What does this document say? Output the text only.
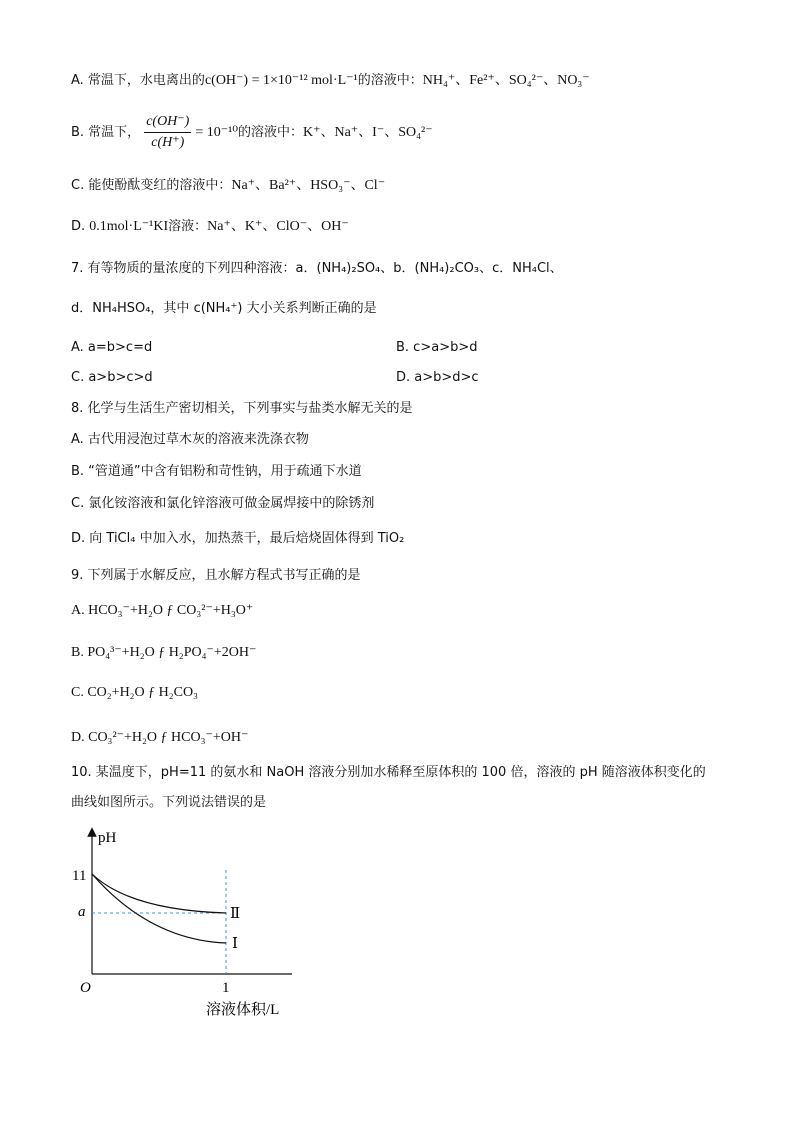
A. 常温下，水电离出的c(OH⁻) = 1×10⁻¹² mol·L⁻¹的溶液中：NH₄⁺、Fe²⁺、SO₄²⁻、NO₃⁻
B. 常温下， $\frac{c(OH^-)}{c(H^+)} = 10^{-10}$的溶液中：K⁺、Na⁺、I⁻、SO₄²⁻
C. 能使酚酞变红的溶液中：Na⁺、Ba²⁺、HSO₃⁻、Cl⁻
D. 0.1mol·L⁻¹KI溶液：Na⁺、K⁺、ClO⁻、OH⁻
7. 有等物质的量浓度的下列四种溶液：a．(NH₄)₂SO₄、b．(NH₄)₂CO₃、c．NH₄Cl、
d．NH₄HSO₄，其中 c(NH₄⁺) 大小关系判断正确的是
A. a=b>c=d	B. c>a>b>d
C. a>b>c>d	D. a>b>d>c
8. 化学与生活生产密切相关，下列事实与盐类水解无关的是
A. 古代用浸泡过草木灰的溶液来洗涤衣物
B. “管道通”中含有铝粉和苛性钠，用于疏通下水道
C. 氯化铵溶液和氯化锌溶液可做金属焊接中的除锈剂
D. 向 TiCl₄ 中加入水，加热蒸干，最后焙烧固体得到 TiO₂
9. 下列属于水解反应，且水解方程式书写正确的是
A. HCO₃⁻+H₂O ƒ CO₃²⁻+H₃O⁺
B. PO₄³⁻+H₂O ƒ H₂PO₄⁻+2OH⁻
C. CO₂+H₂O ƒ H₂CO₃
D. CO₃²⁻+H₂O ƒ HCO₃⁻+OH⁻
10. 某温度下，pH=11 的氨水和 NaOH 溶液分别加水稀释至原体积的 100 倍，溶液的 pH 随溶液体积变化的
曲线如图所示。下列说法错误的是
pH
11
a
O	1
溶液体积/L
Ⅱ
Ⅰ
